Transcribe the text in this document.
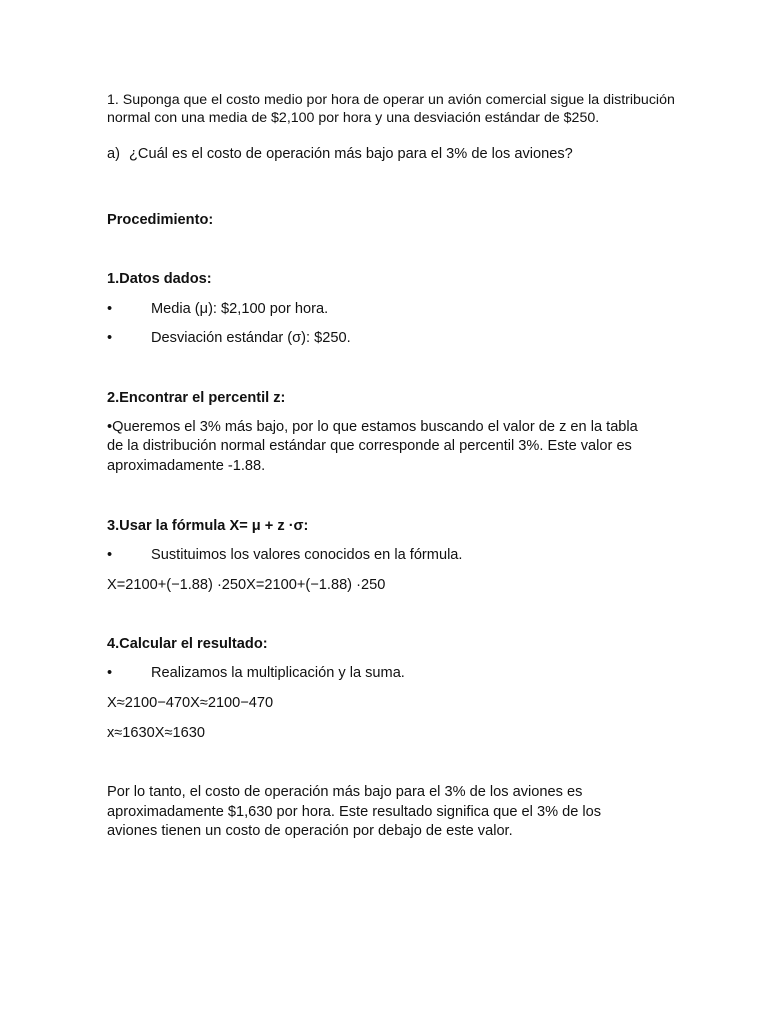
1. Suponga que el costo medio por hora de operar un avión comercial sigue la distribución
normal con una media de $2,100 por hora y una desviación estándar de $250.
a) ¿Cuál es el costo de operación más bajo para el 3% de los aviones?
Procedimiento:
1.Datos dados:
•	Media (μ): $2,100 por hora.
•	Desviación estándar (σ): $250.
2.Encontrar el percentil z:
•Queremos el 3% más bajo, por lo que estamos buscando el valor de z en la tabla
de la distribución normal estándar que corresponde al percentil 3%. Este valor es
aproximadamente -1.88.
3.Usar la fórmula X= μ + z ·σ:
•	Sustituimos los valores conocidos en la fórmula.
X=2100+(−1.88) ·250X=2100+(−1.88) ·250
4.Calcular el resultado:
•	Realizamos la multiplicación y la suma.
X≈2100−470X≈2100−470
x≈1630X≈1630
Por lo tanto, el costo de operación más bajo para el 3% de los aviones es
aproximadamente $1,630 por hora. Este resultado significa que el 3% de los
aviones tienen un costo de operación por debajo de este valor.
